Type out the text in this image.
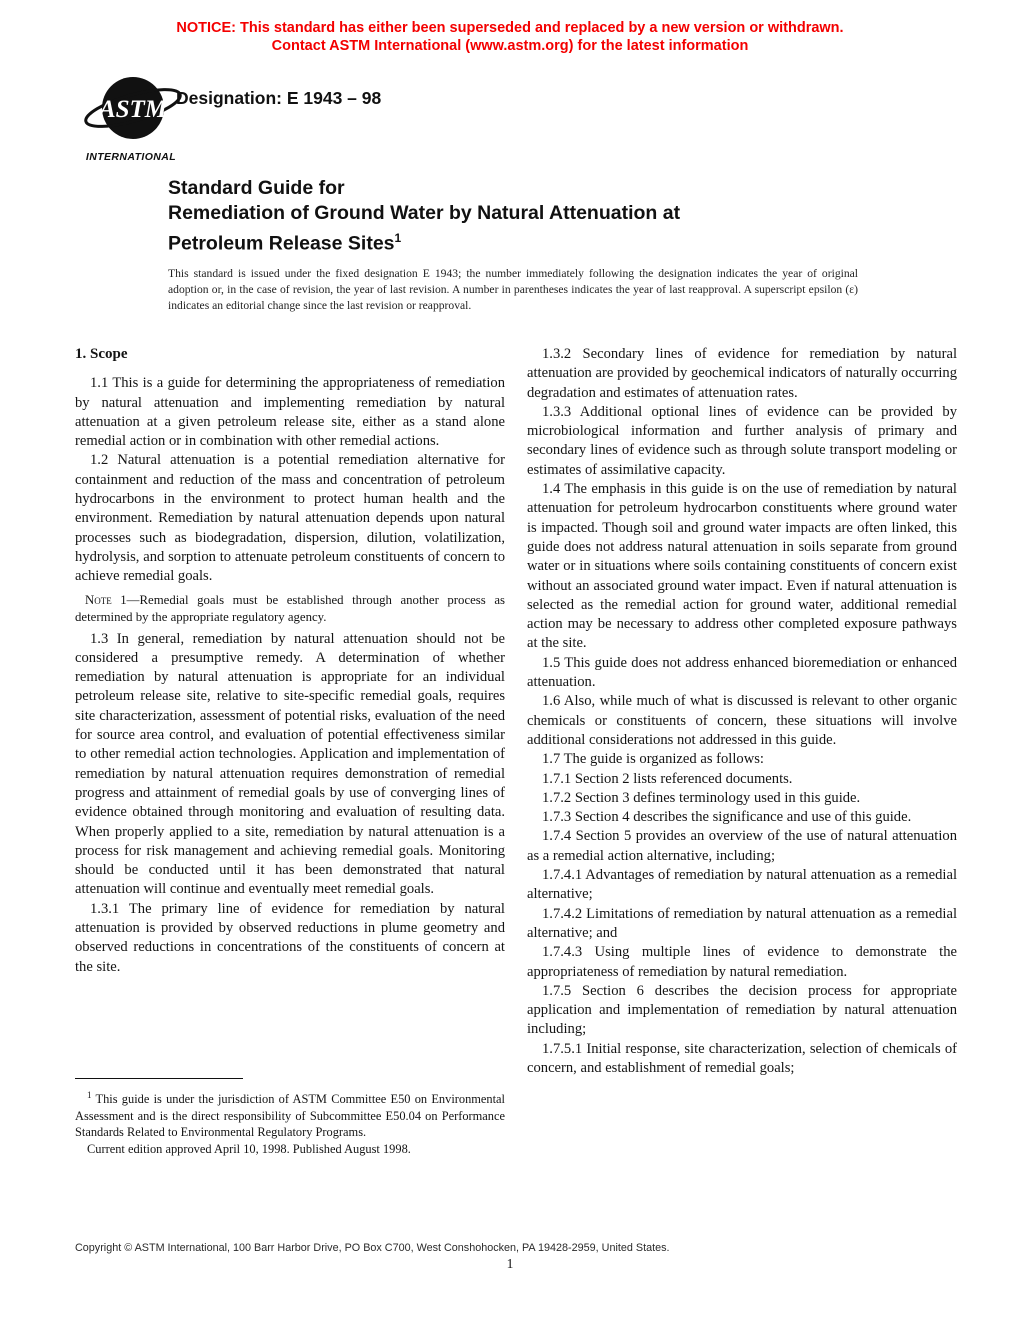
NOTICE: This standard has either been superseded and replaced by a new version or withdrawn.
Contact ASTM International (www.astm.org) for the latest information
ASTM
INTERNATIONAL
Designation: E 1943 – 98
Standard Guide for
Remediation of Ground Water by Natural Attenuation at
Petroleum Release Sites$^1$
This standard is issued under the fixed designation E 1943; the number immediately following the designation indicates the year of original adoption or, in the case of revision, the year of last revision. A number in parentheses indicates the year of last reapproval. A superscript epsilon (ε) indicates an editorial change since the last revision or reapproval.

1. Scope

1.1 This is a guide for determining the appropriateness of remediation by natural attenuation and implementing remediation by natural attenuation at a given petroleum release site, either as a stand alone remedial action or in combination with other remedial actions.

1.2 Natural attenuation is a potential remediation alternative for containment and reduction of the mass and concentration of petroleum hydrocarbons in the environment to protect human health and the environment. Remediation by natural attenuation depends upon natural processes such as biodegradation, dispersion, dilution, volatilization, hydrolysis, and sorption to attenuate petroleum constituents of concern to achieve remedial goals.

Note 1—Remedial goals must be established through another process as determined by the appropriate regulatory agency.

1.3 In general, remediation by natural attenuation should not be considered a presumptive remedy. A determination of whether remediation by natural attenuation is appropriate for an individual petroleum release site, relative to site-specific remedial goals, requires site characterization, assessment of potential risks, evaluation of the need for source area control, and evaluation of potential effectiveness similar to other remedial action technologies. Application and implementation of remediation by natural attenuation requires demonstration of remedial progress and attainment of remedial goals by use of converging lines of evidence obtained through monitoring and evaluation of resulting data. When properly applied to a site, remediation by natural attenuation is a process for risk management and achieving remedial goals. Monitoring should be conducted until it has been demonstrated that natural attenuation will continue and eventually meet remedial goals.

1.3.1 The primary line of evidence for remediation by natural attenuation is provided by observed reductions in plume geometry and observed reductions in concentrations of the constituents of concern at the site.

1.3.2 Secondary lines of evidence for remediation by natural attenuation are provided by geochemical indicators of naturally occurring degradation and estimates of attenuation rates.

1.3.3 Additional optional lines of evidence can be provided by microbiological information and further analysis of primary and secondary lines of evidence such as through solute transport modeling or estimates of assimilative capacity.

1.4 The emphasis in this guide is on the use of remediation by natural attenuation for petroleum hydrocarbon constituents where ground water is impacted. Though soil and ground water impacts are often linked, this guide does not address natural attenuation in soils separate from ground water or in situations where soils containing constituents of concern exist without an associated ground water impact. Even if natural attenuation is selected as the remedial action for ground water, additional remedial action may be necessary to address other completed exposure pathways at the site.

1.5 This guide does not address enhanced bioremediation or enhanced attenuation.

1.6 Also, while much of what is discussed is relevant to other organic chemicals or constituents of concern, these situations will involve additional considerations not addressed in this guide.

1.7 The guide is organized as follows:

1.7.1 Section 2 lists referenced documents.

1.7.2 Section 3 defines terminology used in this guide.

1.7.3 Section 4 describes the significance and use of this guide.

1.7.4 Section 5 provides an overview of the use of natural attenuation as a remedial action alternative, including;

1.7.4.1 Advantages of remediation by natural attenuation as a remedial alternative;

1.7.4.2 Limitations of remediation by natural attenuation as a remedial alternative; and

1.7.4.3 Using multiple lines of evidence to demonstrate the appropriateness of remediation by natural remediation.

1.7.5 Section 6 describes the decision process for appropriate application and implementation of remediation by natural attenuation including;

1.7.5.1 Initial response, site characterization, selection of chemicals of concern, and establishment of remedial goals;

$^1$ This guide is under the jurisdiction of ASTM Committee E50 on Environmental Assessment and is the direct responsibility of Subcommittee E50.04 on Performance Standards Related to Environmental Regulatory Programs.

Current edition approved April 10, 1998. Published August 1998.

Copyright © ASTM International, 100 Barr Harbor Drive, PO Box C700, West Conshohocken, PA 19428-2959, United States.
1
